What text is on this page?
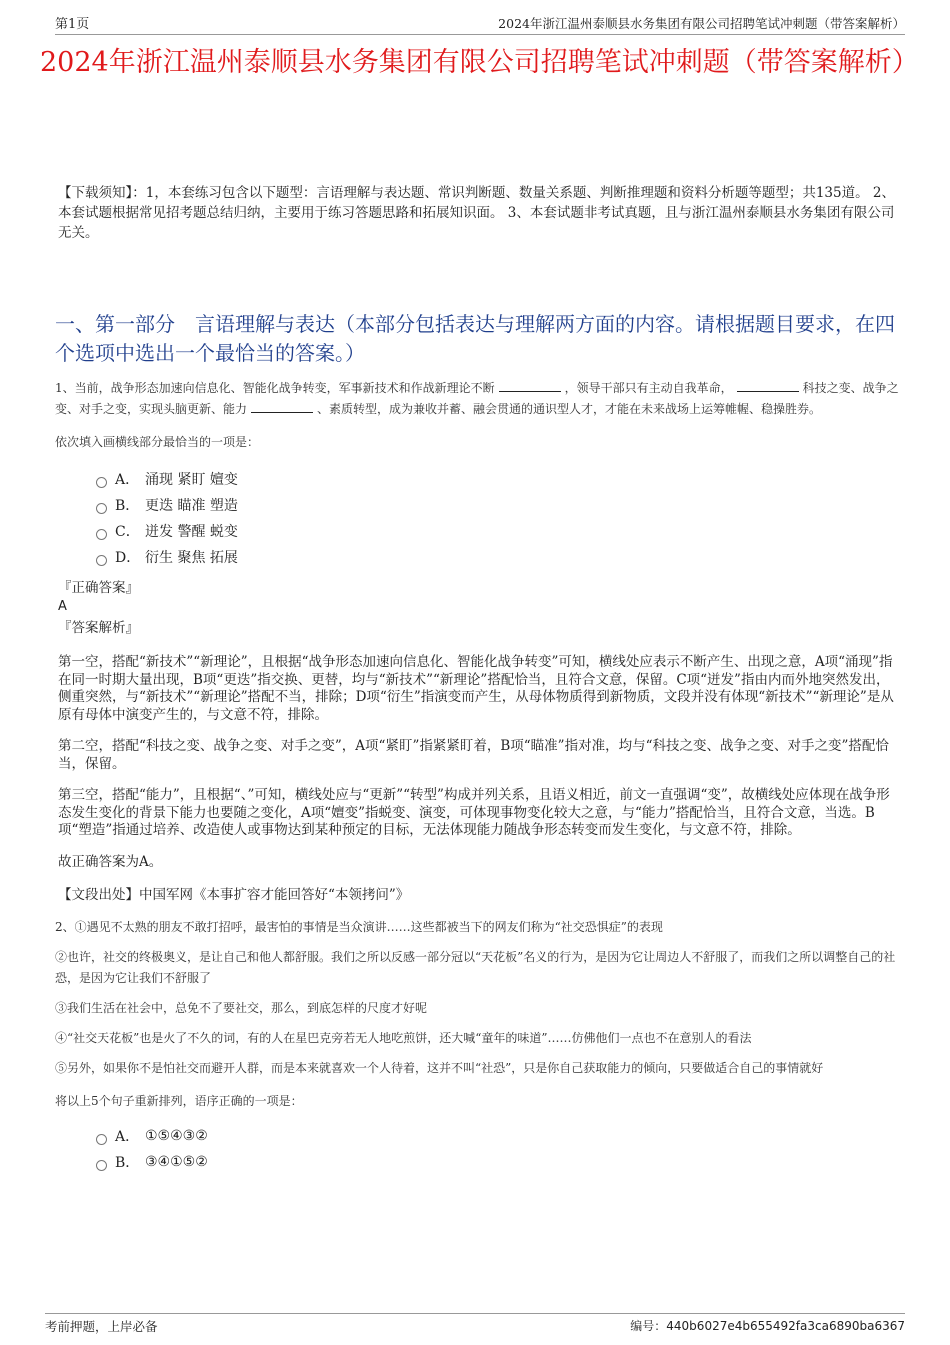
第1页	2024年浙江温州泰顺县水务集团有限公司招聘笔试冲刺题（带答案解析）
2024年浙江温州泰顺县水务集团有限公司招聘笔试冲刺题（带答案解析）

【下载须知】：1，本套练习包含以下题型：言语理解与表达题、常识判断题、数量关系题、判断推理题和资料分析题等题型；共135道。 2、本套试题根据常见招考题总结归纳，主要用于练习答题思路和拓展知识面。 3、本套试题非考试真题，且与浙江温州泰顺县水务集团有限公司无关。

一、第一部分　言语理解与表达（本部分包括表达与理解两方面的内容。请根据题目要求，在四个选项中选出一个最恰当的答案。）

1、当前，战争形态加速向信息化、智能化战争转变，军事新技术和作战新理论不断	，领导干部只有主动自我革命，	科技之变、战争之变、对手之变，实现头脑更新、能力	、素质转型，成为兼收并蓄、融会贯通的通识型人才，才能在未来战场上运筹帷幄、稳操胜券。

依次填入画横线部分最恰当的一项是：

A． 涌现 紧盯 嬗变
B． 更迭 瞄准 塑造
C． 迸发 警醒 蜕变
D． 衍生 聚焦 拓展

『正确答案』

A

『答案解析』

第一空，搭配“新技术”“新理论”，且根据“战争形态加速向信息化、智能化战争转变”可知，横线处应表示不断产生、出现之意，A项“涌现”指在同一时期大量出现，B项“更迭”指交换、更替，均与“新技术”“新理论”搭配恰当，且符合文意，保留。C项“迸发”指由内而外地突然发出，侧重突然，与“新技术”“新理论”搭配不当，排除；D项“衍生”指演变而产生，从母体物质得到新物质，文段并没有体现“新技术”“新理论”是从原有母体中演变产生的，与文意不符，排除。

第二空，搭配“科技之变、战争之变、对手之变”，A项“紧盯”指紧紧盯着，B项“瞄准”指对准，均与“科技之变、战争之变、对手之变”搭配恰当，保留。

第三空，搭配“能力”，且根据“、”可知，横线处应与“更新”“转型”构成并列关系，且语义相近，前文一直强调“变”，故横线处应体现在战争形态发生变化的背景下能力也要随之变化，A项“嬗变”指蜕变、演变，可体现事物变化较大之意，与“能力”搭配恰当，且符合文意，当选。B项“塑造”指通过培养、改造使人或事物达到某种预定的目标，无法体现能力随战争形态转变而发生变化，与文意不符，排除。

故正确答案为A。

【文段出处】中国军网《本事扩容才能回答好“本领拷问”》

2、①遇见不太熟的朋友不敢打招呼，最害怕的事情是当众演讲……这些都被当下的网友们称为“社交恐惧症”的表现

②也许，社交的终极奥义，是让自己和他人都舒服。我们之所以反感一部分冠以“天花板”名义的行为，是因为它让周边人不舒服了，而我们之所以调整自己的社恐，是因为它让我们不舒服了

③我们生活在社会中，总免不了要社交，那么，到底怎样的尺度才好呢

④“社交天花板”也是火了不久的词，有的人在星巴克旁若无人地吃煎饼，还大喊“童年的味道”……仿佛他们一点也不在意别人的看法

⑤另外，如果你不是怕社交而避开人群，而是本来就喜欢一个人待着，这并不叫“社恐”，只是你自己获取能力的倾向，只要做适合自己的事情就好

将以上5个句子重新排列，语序正确的一项是：

A． ①⑤④③②
B． ③④①⑤②
考前押题，上岸必备	编号：440b6027e4b655492fa3ca6890ba6367
